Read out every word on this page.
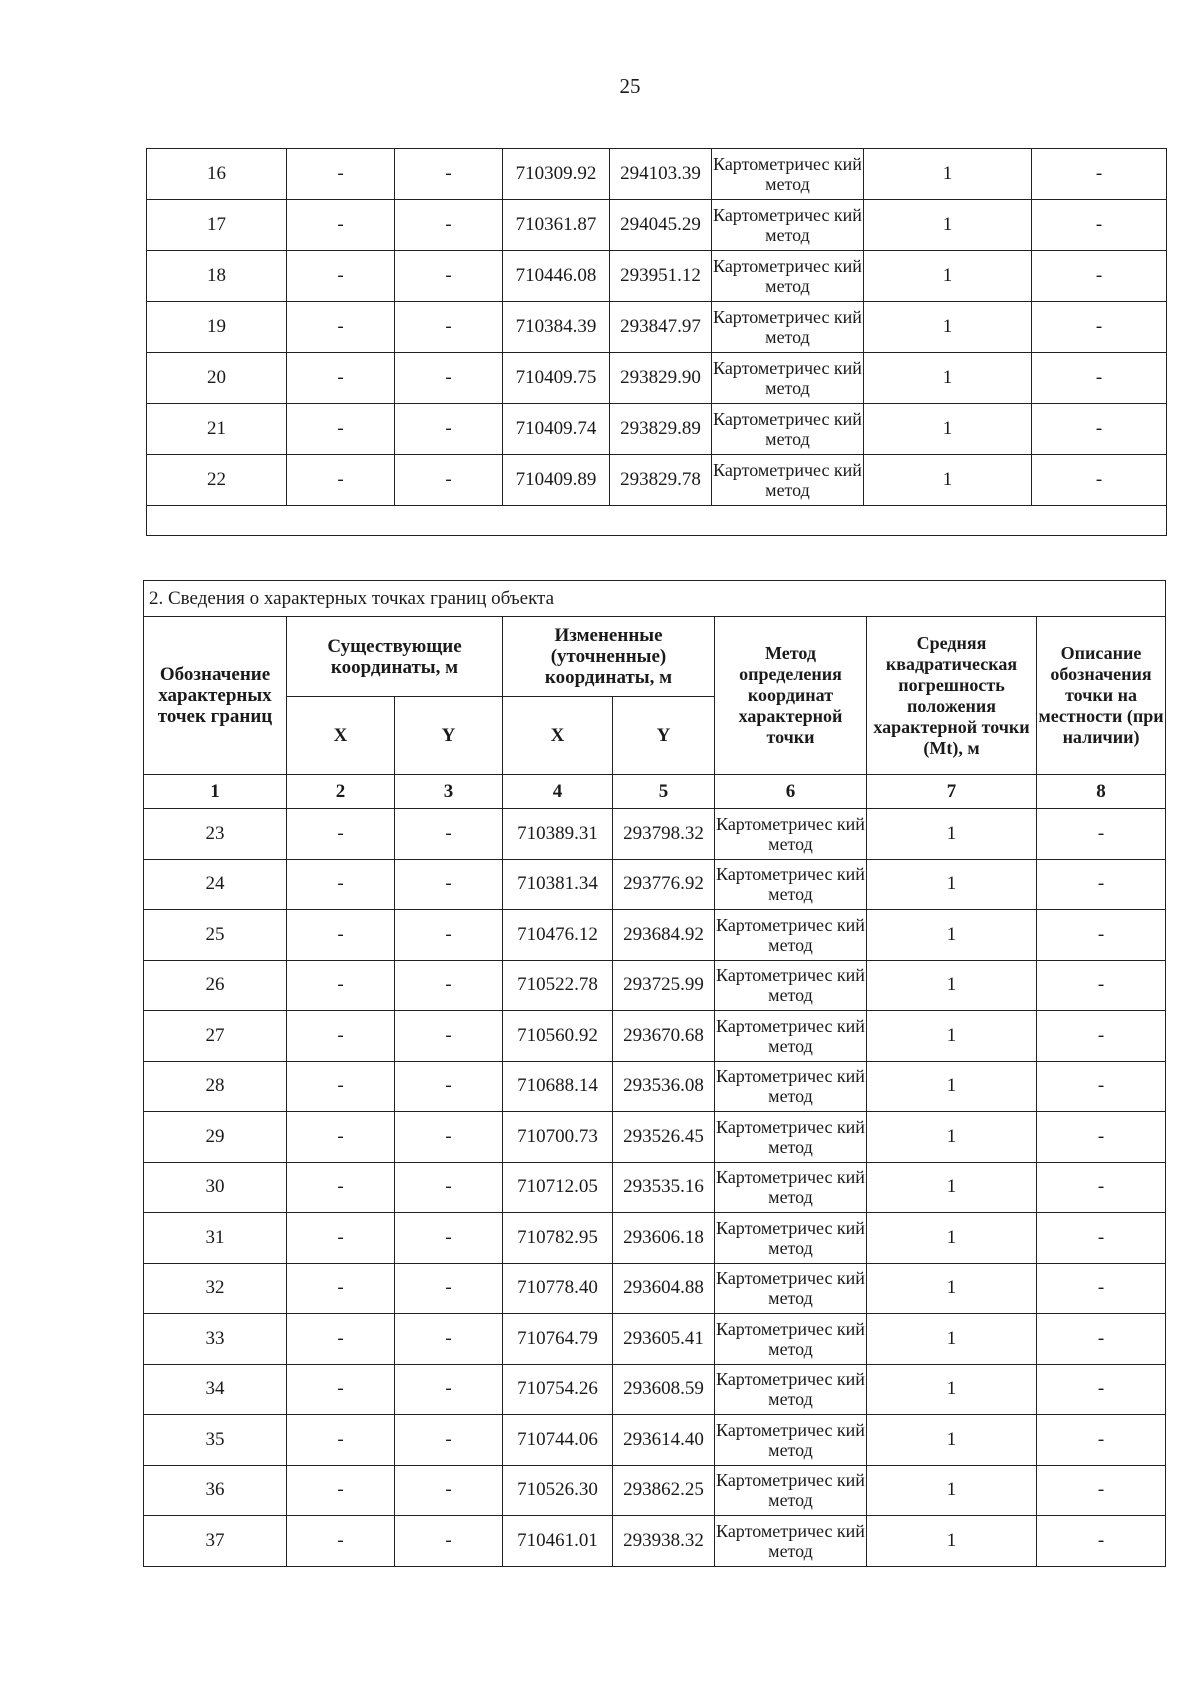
25
16	-	-	710309.92	294103.39	Картометричес кий метод	1	-
17	-	-	710361.87	294045.29	Картометричес кий метод	1	-
18	-	-	710446.08	293951.12	Картометричес кий метод	1	-
19	-	-	710384.39	293847.97	Картометричес кий метод	1	-
20	-	-	710409.75	293829.90	Картометричес кий метод	1	-
21	-	-	710409.74	293829.89	Картометричес кий метод	1	-
22	-	-	710409.89	293829.78	Картометричес кий метод	1	-

2. Сведения о характерных точках границ объекта							
Обозначение характерных точек границ	Существующие координаты, м		Измененные (уточненные) координаты, м		Метод определения координат характерной точки	Средняя квадратическая погрешность положения характерной точки (Mt), м	Описание обозначения точки на местности (при наличии)
	X	Y	X	Y			
1	2	3	4	5	6	7	8
23	-	-	710389.31	293798.32	Картометричес кий метод	1	-
24	-	-	710381.34	293776.92	Картометричес кий метод	1	-
25	-	-	710476.12	293684.92	Картометричес кий метод	1	-
26	-	-	710522.78	293725.99	Картометричес кий метод	1	-
27	-	-	710560.92	293670.68	Картометричес кий метод	1	-
28	-	-	710688.14	293536.08	Картометричес кий метод	1	-
29	-	-	710700.73	293526.45	Картометричес кий метод	1	-
30	-	-	710712.05	293535.16	Картометричес кий метод	1	-
31	-	-	710782.95	293606.18	Картометричес кий метод	1	-
32	-	-	710778.40	293604.88	Картометричес кий метод	1	-
33	-	-	710764.79	293605.41	Картометричес кий метод	1	-
34	-	-	710754.26	293608.59	Картометричес кий метод	1	-
35	-	-	710744.06	293614.40	Картометричес кий метод	1	-
36	-	-	710526.30	293862.25	Картометричес кий метод	1	-
37	-	-	710461.01	293938.32	Картометричес кий метод	1	-
